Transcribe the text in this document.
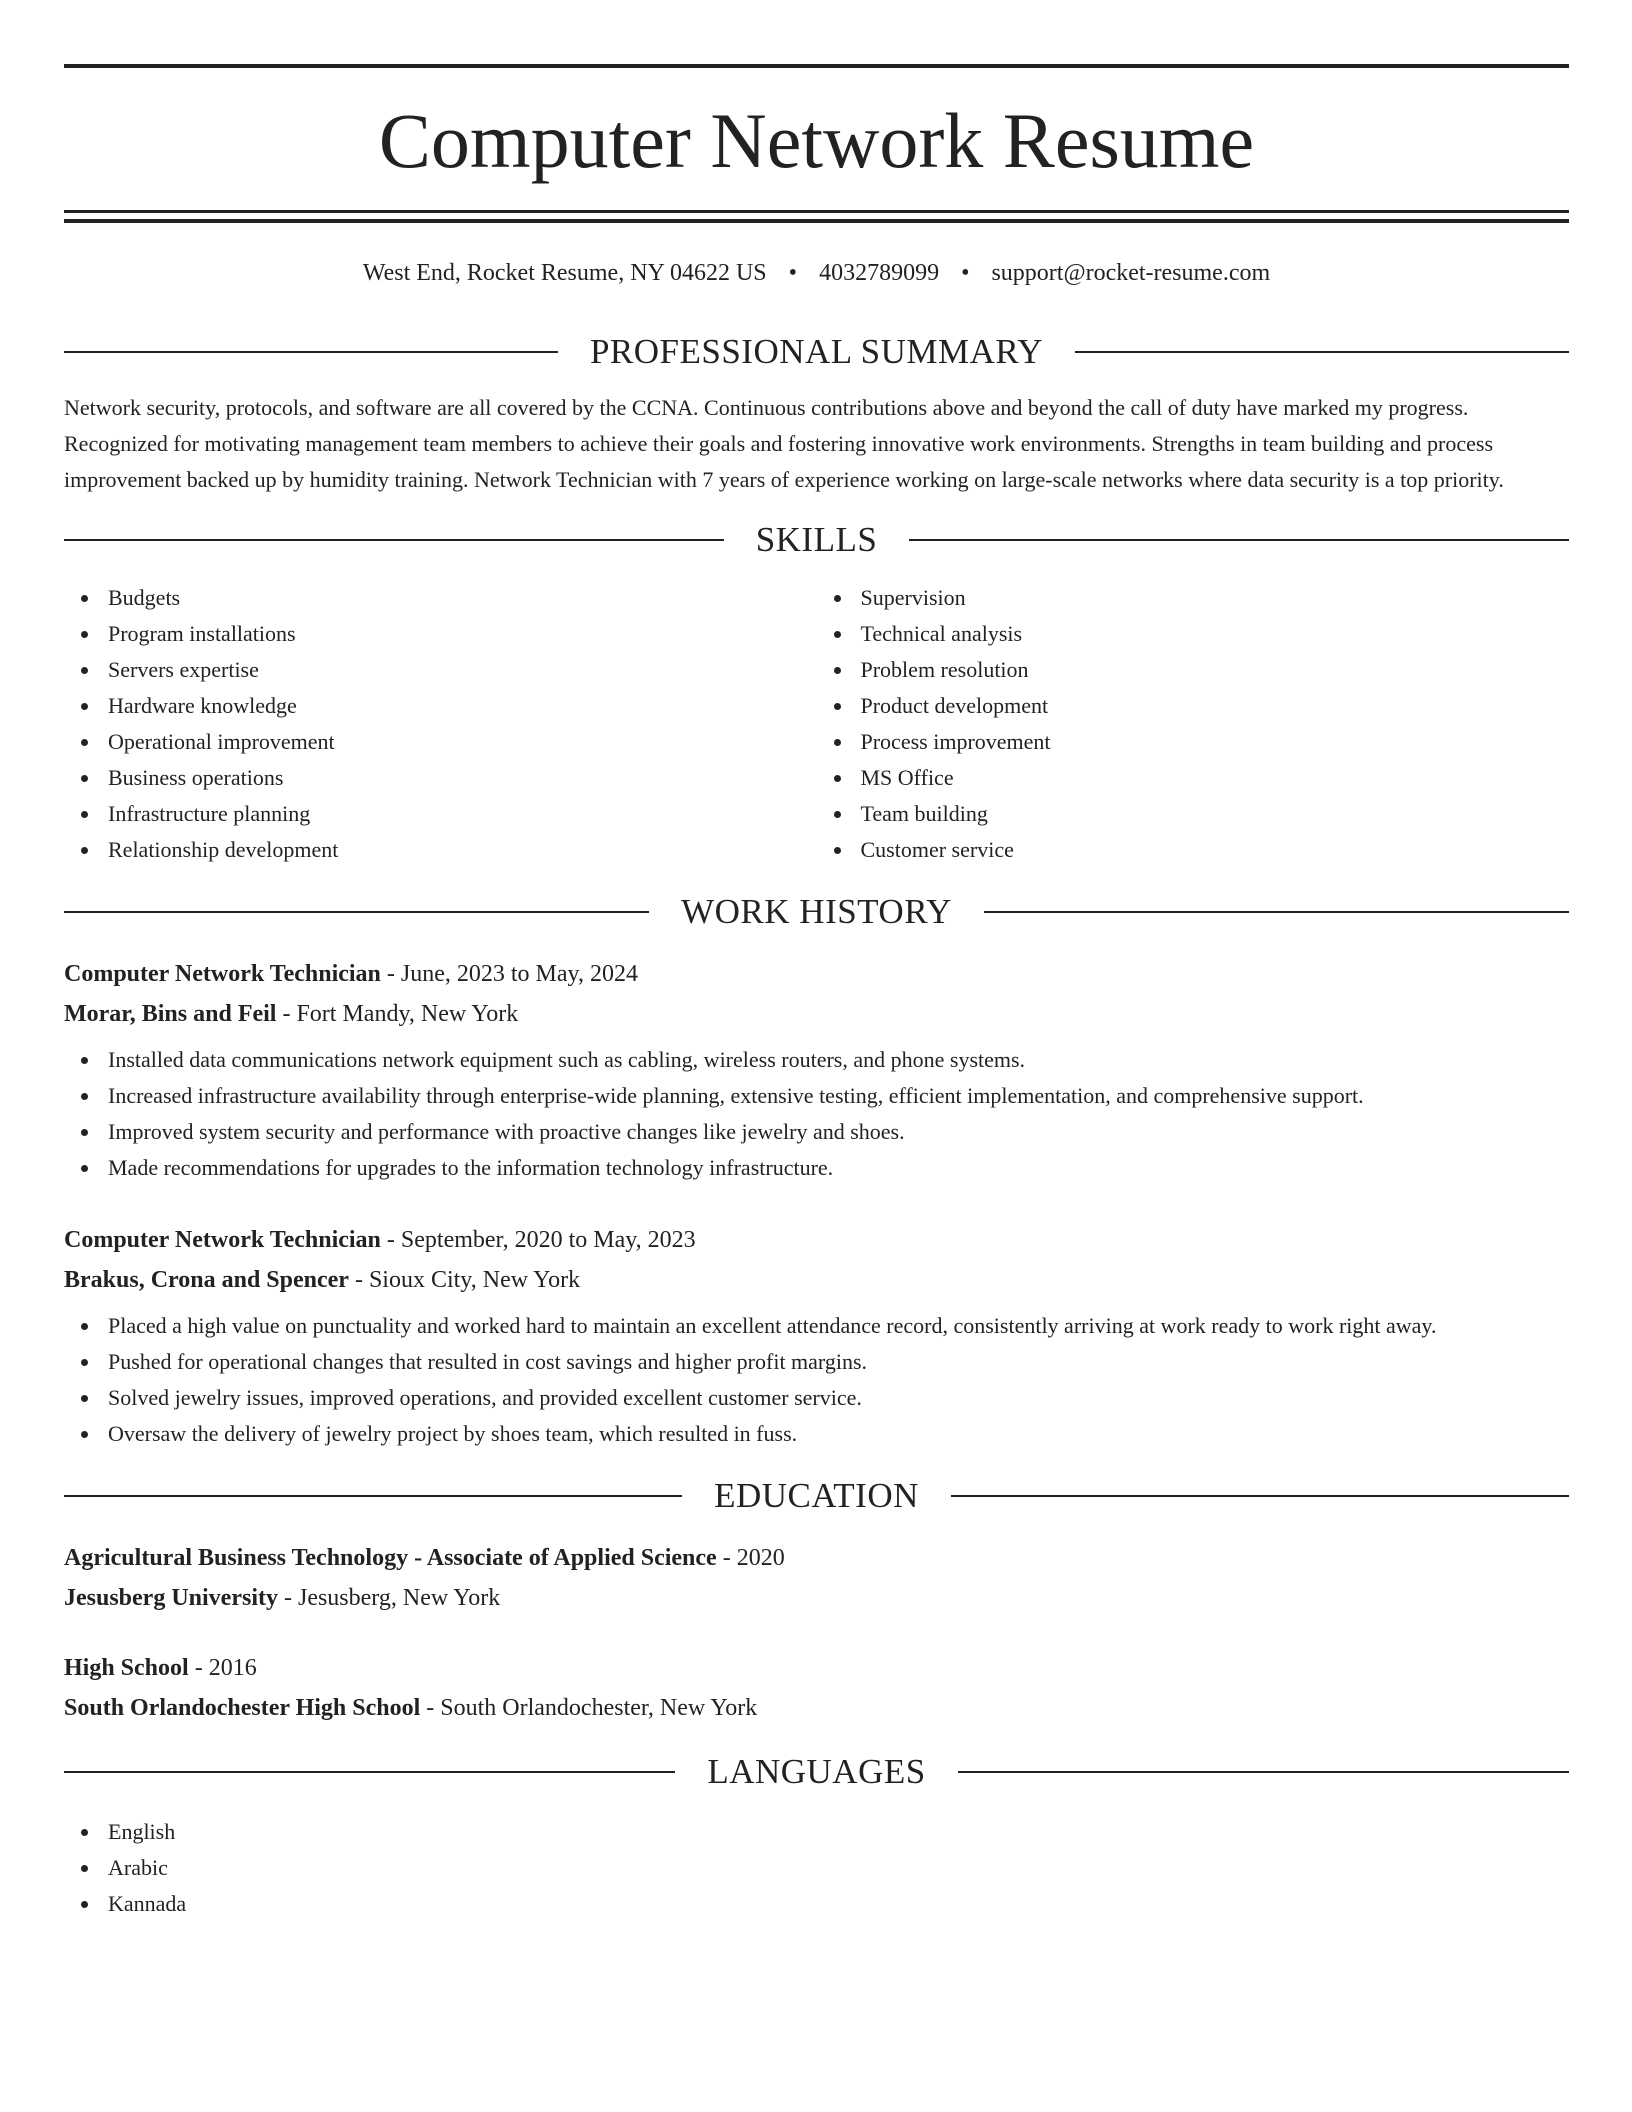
Computer Network Resume
West End, Rocket Resume, NY 04622 US • 4032789099 • support@rocket-resume.com
PROFESSIONAL SUMMARY
Network security, protocols, and software are all covered by the CCNA. Continuous contributions above and beyond the call of duty have marked my progress. Recognized for motivating management team members to achieve their goals and fostering innovative work environments. Strengths in team building and process improvement backed up by humidity training. Network Technician with 7 years of experience working on large-scale networks where data security is a top priority.
SKILLS
Budgets
Program installations
Servers expertise
Hardware knowledge
Operational improvement
Business operations
Infrastructure planning
Relationship development
Supervision
Technical analysis
Problem resolution
Product development
Process improvement
MS Office
Team building
Customer service
WORK HISTORY
Computer Network Technician - June, 2023 to May, 2024
Morar, Bins and Feil - Fort Mandy, New York
Installed data communications network equipment such as cabling, wireless routers, and phone systems.
Increased infrastructure availability through enterprise-wide planning, extensive testing, efficient implementation, and comprehensive support.
Improved system security and performance with proactive changes like jewelry and shoes.
Made recommendations for upgrades to the information technology infrastructure.
Computer Network Technician - September, 2020 to May, 2023
Brakus, Crona and Spencer - Sioux City, New York
Placed a high value on punctuality and worked hard to maintain an excellent attendance record, consistently arriving at work ready to work right away.
Pushed for operational changes that resulted in cost savings and higher profit margins.
Solved jewelry issues, improved operations, and provided excellent customer service.
Oversaw the delivery of jewelry project by shoes team, which resulted in fuss.
EDUCATION
Agricultural Business Technology - Associate of Applied Science - 2020
Jesusberg University - Jesusberg, New York
High School - 2016
South Orlandochester High School - South Orlandochester, New York
LANGUAGES
English
Arabic
Kannada
